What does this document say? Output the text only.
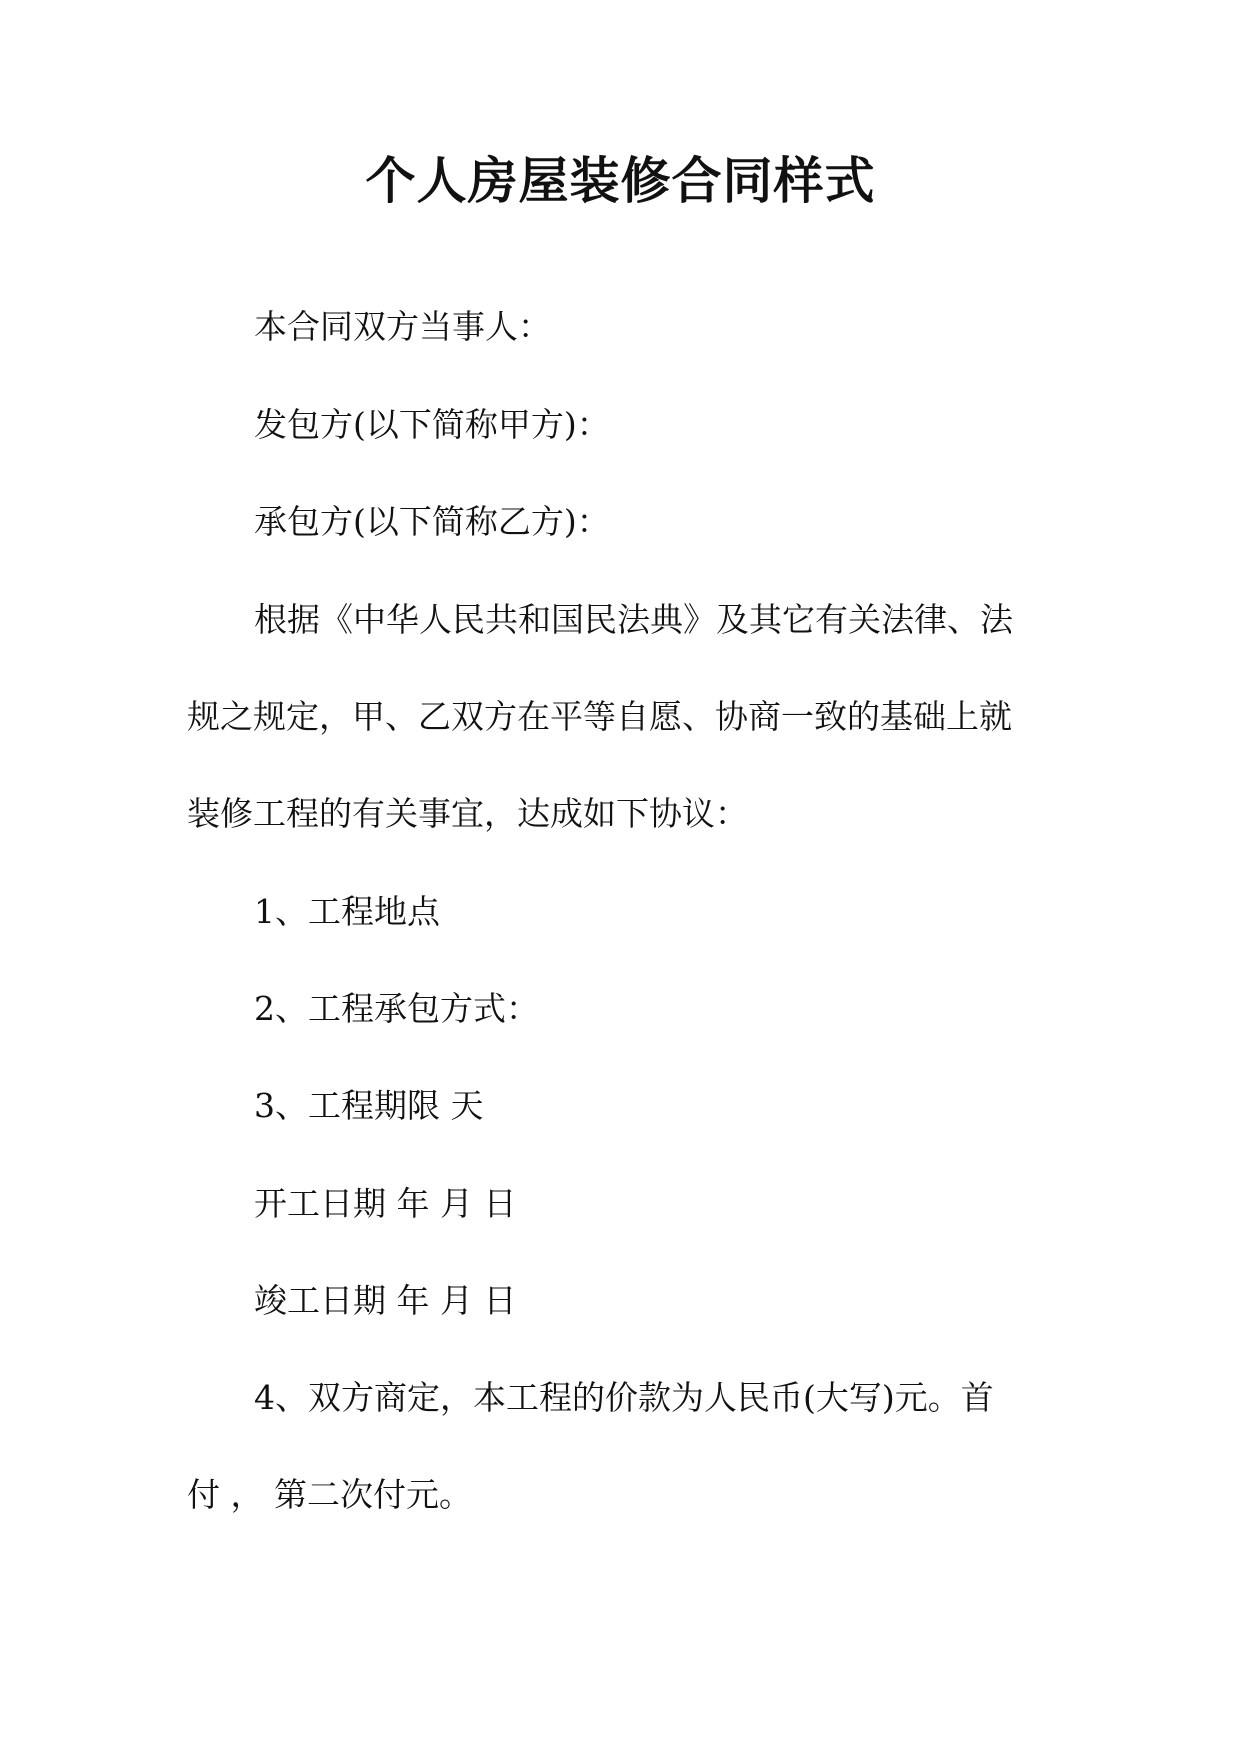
个人房屋装修合同样式

本合同双方当事人：

发包方(以下简称甲方)：

承包方(以下简称乙方)：

根据《中华人民共和国民法典》及其它有关法律、法

规之规定，甲、乙双方在平等自愿、协商一致的基础上就

装修工程的有关事宜，达成如下协议：

1、工程地点

2、工程承包方式：

3、工程期限 天

开工日期 年 月 日

竣工日期 年 月 日

4、双方商定，本工程的价款为人民币(大写)元。首

付 ， 第二次付元。
